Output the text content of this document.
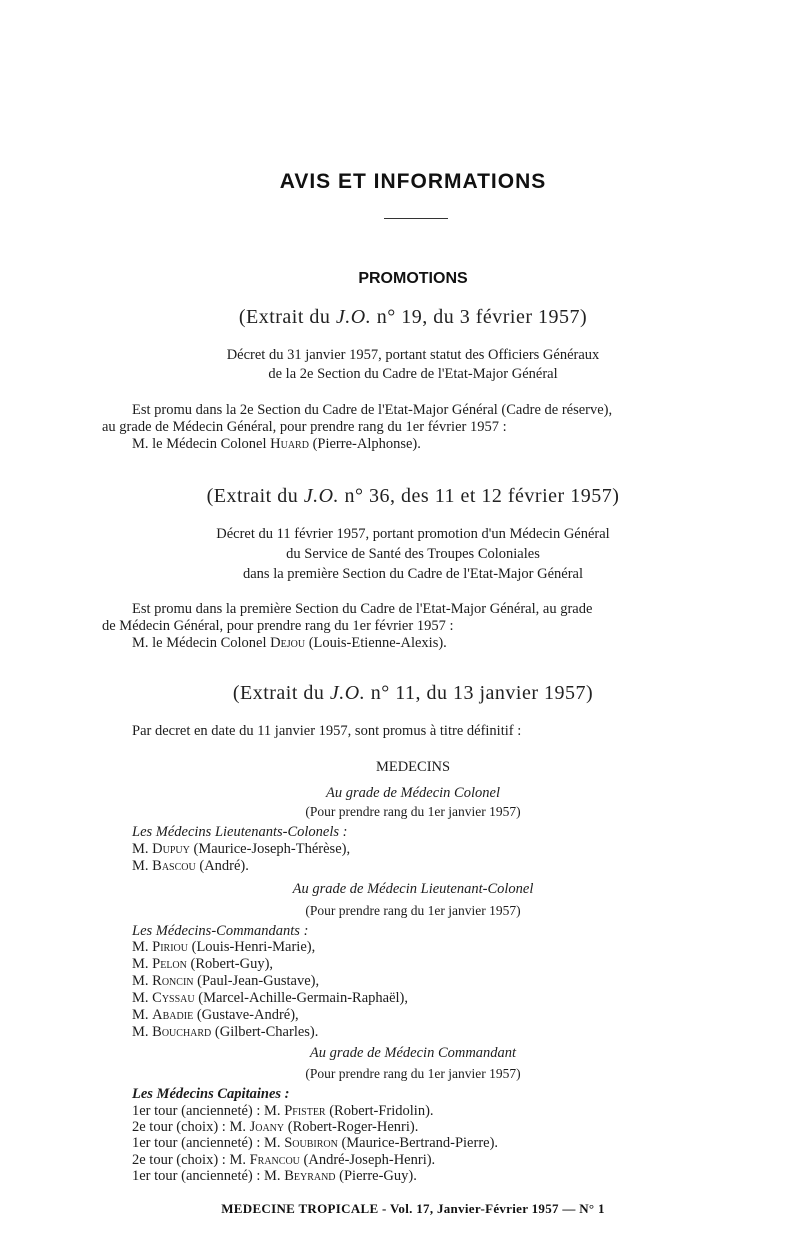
AVIS ET INFORMATIONS
PROMOTIONS
(Extrait du J.O. n° 19, du 3 février 1957)
Décret du 31 janvier 1957, portant statut des Officiers Généraux
de la 2e Section du Cadre de l'Etat-Major Général
Est promu dans la 2e Section du Cadre de l'Etat-Major Général (Cadre de réserve),
au grade de Médecin Général, pour prendre rang du 1er février 1957 :
M. le Médecin Colonel Huard (Pierre-Alphonse).
(Extrait du J.O. n° 36, des 11 et 12 février 1957)
Décret du 11 février 1957, portant promotion d'un Médecin Général
du Service de Santé des Troupes Coloniales
dans la première Section du Cadre de l'Etat-Major Général
Est promu dans la première Section du Cadre de l'Etat-Major Général, au grade
de Médecin Général, pour prendre rang du 1er février 1957 :
M. le Médecin Colonel Dejou (Louis-Etienne-Alexis).
(Extrait du J.O. n° 11, du 13 janvier 1957)
Par decret en date du 11 janvier 1957, sont promus à titre définitif :
MEDECINS
Au grade de Médecin Colonel
(Pour prendre rang du 1er janvier 1957)
Les Médecins Lieutenants-Colonels :
M. Dupuy (Maurice-Joseph-Thérèse),
M. Bascou (André).
Au grade de Médecin Lieutenant-Colonel
(Pour prendre rang du 1er janvier 1957)
Les Médecins-Commandants :
M. Piriou (Louis-Henri-Marie),
M. Pelon (Robert-Guy),
M. Roncin (Paul-Jean-Gustave),
M. Cyssau (Marcel-Achille-Germain-Raphaël),
M. Abadie (Gustave-André),
M. Bouchard (Gilbert-Charles).
Au grade de Médecin Commandant
(Pour prendre rang du 1er janvier 1957)
Les Médecins Capitaines :
1er tour (ancienneté) : M. Pfister (Robert-Fridolin).
2e tour (choix) : M. Joany (Robert-Roger-Henri).
1er tour (ancienneté) : M. Soubiron (Maurice-Bertrand-Pierre).
2e tour (choix) : M. Francou (André-Joseph-Henri).
1er tour (ancienneté) : M. Beyrand (Pierre-Guy).
MEDECINE TROPICALE - Vol. 17, Janvier-Février 1957 — N° 1
